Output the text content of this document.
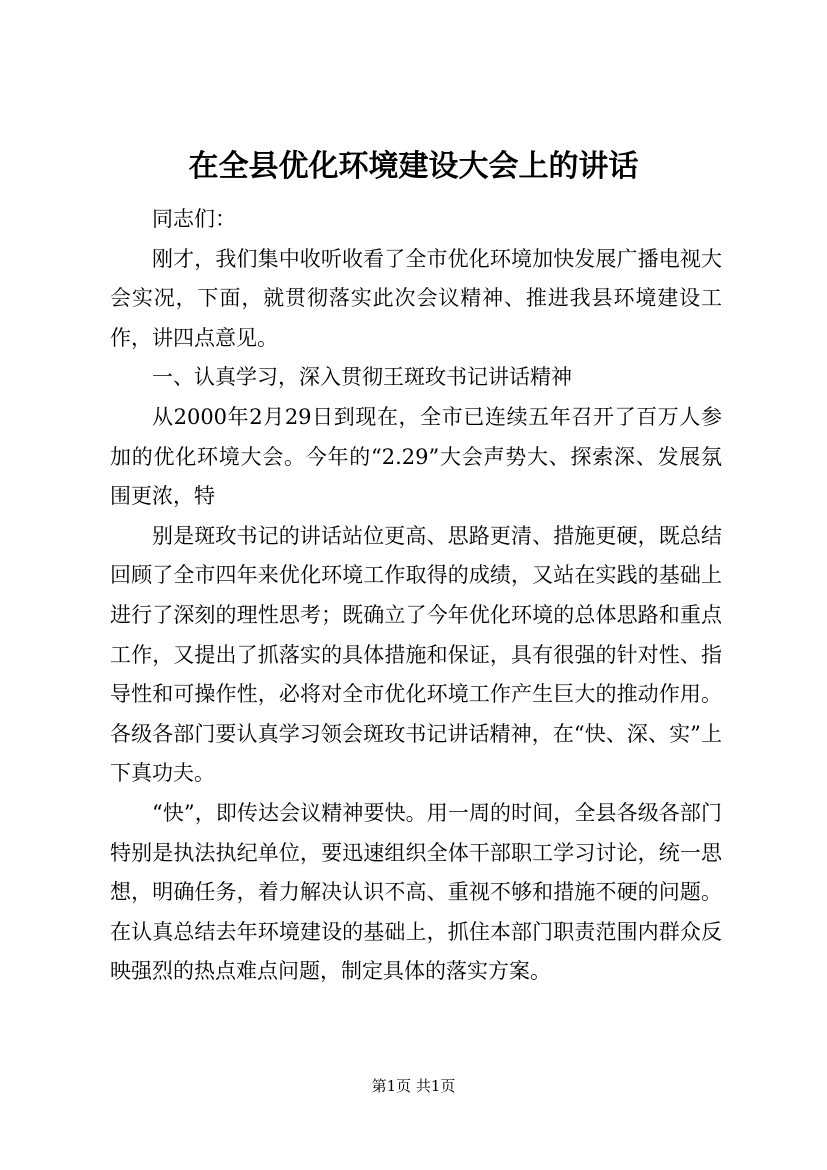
在全县优化环境建设大会上的讲话

同志们：

刚才，我们集中收听收看了全市优化环境加快发展广播电视大会实况，下面，就贯彻落实此次会议精神、推进我县环境建设工作，讲四点意见。

一、认真学习，深入贯彻王斑玫书记讲话精神

从2000年2月29日到现在，全市已连续五年召开了百万人参加的优化环境大会。今年的“2.29”大会声势大、探索深、发展氛围更浓，特

别是斑玫书记的讲话站位更高、思路更清、措施更硬，既总结回顾了全市四年来优化环境工作取得的成绩，又站在实践的基础上进行了深刻的理性思考；既确立了今年优化环境的总体思路和重点工作，又提出了抓落实的具体措施和保证，具有很强的针对性、指导性和可操作性，必将对全市优化环境工作产生巨大的推动作用。各级各部门要认真学习领会斑玫书记讲话精神，在“快、深、实”上下真功夫。

“快”，即传达会议精神要快。用一周的时间，全县各级各部门特别是执法执纪单位，要迅速组织全体干部职工学习讨论，统一思想，明确任务，着力解决认识不高、重视不够和措施不硬的问题。在认真总结去年环境建设的基础上，抓住本部门职责范围内群众反映强烈的热点难点问题，制定具体的落实方案。

第1页 共1页
